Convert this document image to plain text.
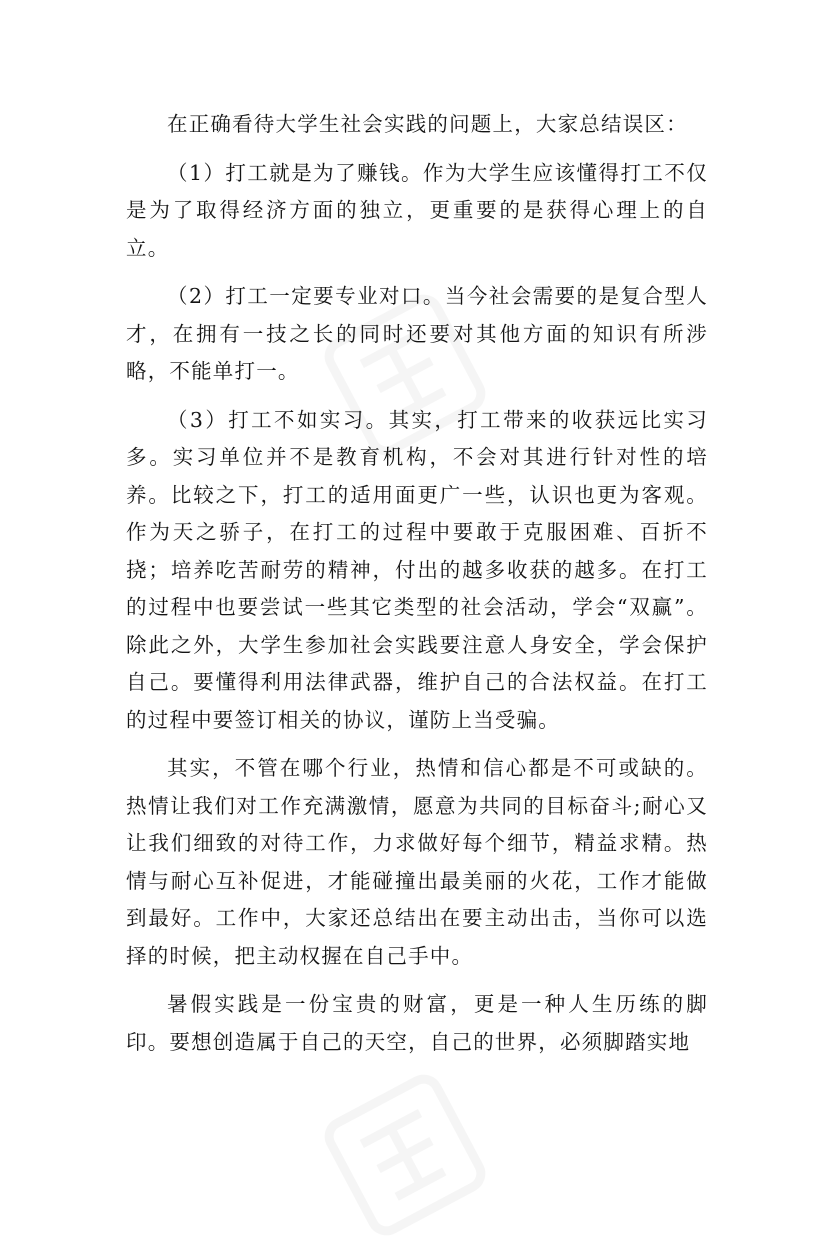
在正确看待大学生社会实践的问题上，大家总结误区：

（1）打工就是为了赚钱。作为大学生应该懂得打工不仅是为了取得经济方面的独立，更重要的是获得心理上的自立。

（2）打工一定要专业对口。当今社会需要的是复合型人才，在拥有一技之长的同时还要对其他方面的知识有所涉略，不能单打一。

（3）打工不如实习。其实，打工带来的收获远比实习多。实习单位并不是教育机构，不会对其进行针对性的培养。比较之下，打工的适用面更广一些，认识也更为客观。作为天之骄子，在打工的过程中要敢于克服困难、百折不挠；培养吃苦耐劳的精神，付出的越多收获的越多。在打工的过程中也要尝试一些其它类型的社会活动，学会“双赢”。除此之外，大学生参加社会实践要注意人身安全，学会保护自己。要懂得利用法律武器，维护自己的合法权益。在打工的过程中要签订相关的协议，谨防上当受骗。

其实，不管在哪个行业，热情和信心都是不可或缺的。热情让我们对工作充满激情，愿意为共同的目标奋斗;耐心又让我们细致的对待工作，力求做好每个细节，精益求精。热情与耐心互补促进，才能碰撞出最美丽的火花，工作才能做到最好。工作中，大家还总结出在要主动出击，当你可以选择的时候，把主动权握在自己手中。

暑假实践是一份宝贵的财富，更是一种人生历练的脚印。要想创造属于自己的天空，自己的世界，必须脚踏实地
